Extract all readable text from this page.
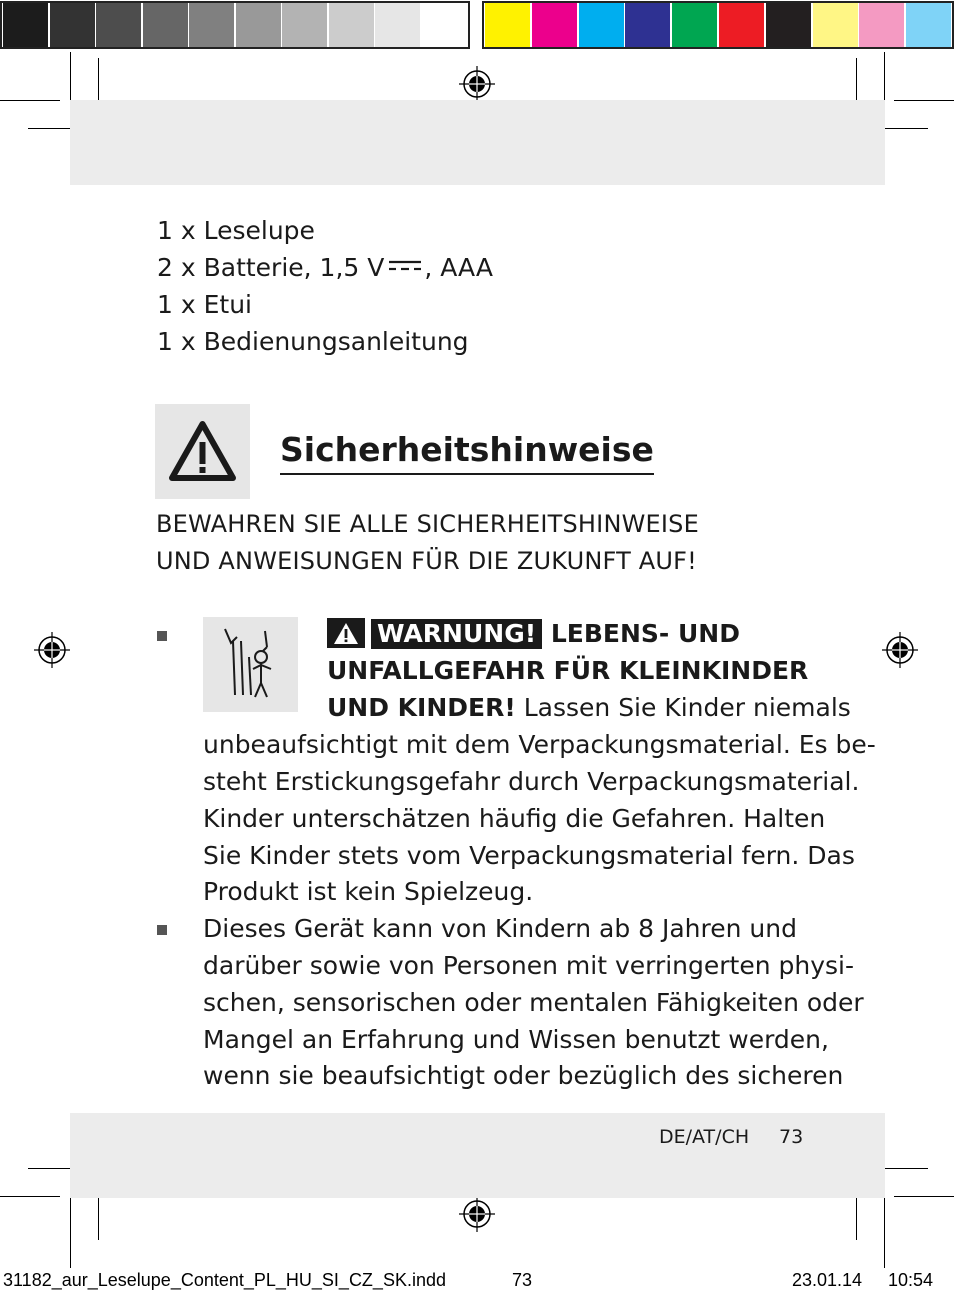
1 x Leselupe
2 x Batterie, 1,5 V , AAA
1 x Etui
1 x Bedienungsanleitung
Sicherheitshinweise
BEWAHREN SIE ALLE SICHERHEITSHINWEISE
UND ANWEISUNGEN FÜR DIE ZUKUNFT AUF!
WARNUNG! LEBENS- UND
UNFALLGEFAHR FÜR KLEINKINDER
UND KINDER! Lassen Sie Kinder niemals
unbeaufsichtigt mit dem Verpackungsmaterial. Es be-
steht Erstickungsgefahr durch Verpackungsmaterial.
Kinder unterschätzen häufig die Gefahren. Halten
Sie Kinder stets vom Verpackungsmaterial fern. Das
Produkt ist kein Spielzeug.
Dieses Gerät kann von Kindern ab 8 Jahren und
darüber sowie von Personen mit verringerten physi-
schen, sensorischen oder mentalen Fähigkeiten oder
Mangel an Erfahrung und Wissen benutzt werden,
wenn sie beaufsichtigt oder bezüglich des sicheren
DE/AT/CH 73
31182_aur_Leselupe_Content_PL_HU_SI_CZ_SK.indd	73	23.01.14 10:54
